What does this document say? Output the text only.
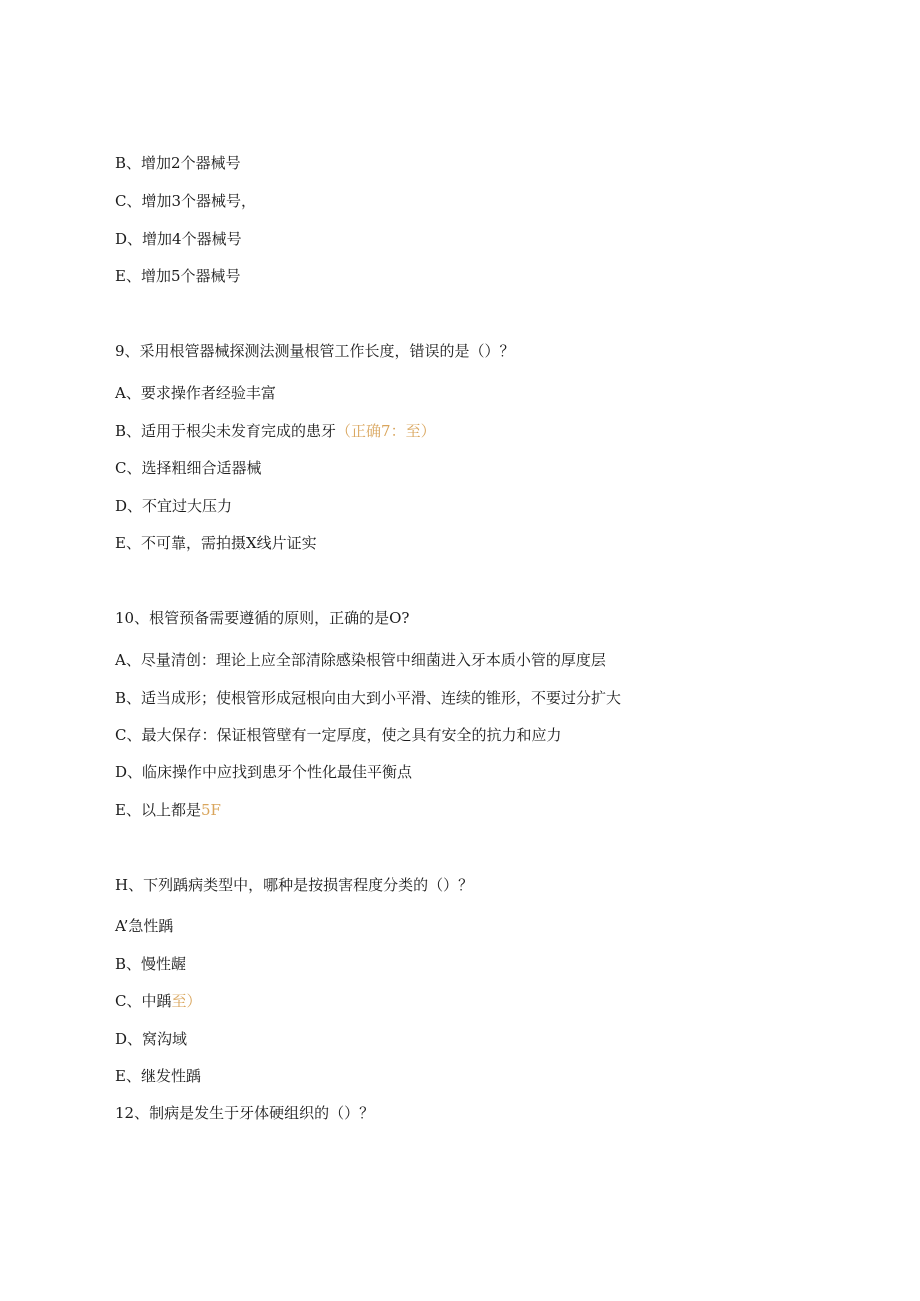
B、增加2个器械号
C、增加3个器械号，
D、增加4个器械号
E、增加5个器械号
9、采用根管器械探测法测量根管工作长度，错误的是（）？
A、要求操作者经验丰富
B、适用于根尖未发育完成的患牙（正确7：至）
C、选择粗细合适器械
D、不宜过大压力
E、不可靠，需拍摄X线片证实
10、根管预备需要遵循的原则，正确的是O?
A、尽量清创：理论上应全部清除感染根管中细菌进入牙本质小管的厚度层
B、适当成形；使根管形成冠根向由大到小平滑、连续的锥形，不要过分扩大
C、最大保存：保证根管壁有一定厚度，使之具有安全的抗力和应力
D、临床操作中应找到患牙个性化最佳平衡点
E、以上都是5F
H、下列踽病类型中，哪种是按损害程度分类的（）？
A’急性踽
B、慢性龌
C、中踽至）
D、窝沟域
E、继发性踽
12、制病是发生于牙体硬组织的（）？
